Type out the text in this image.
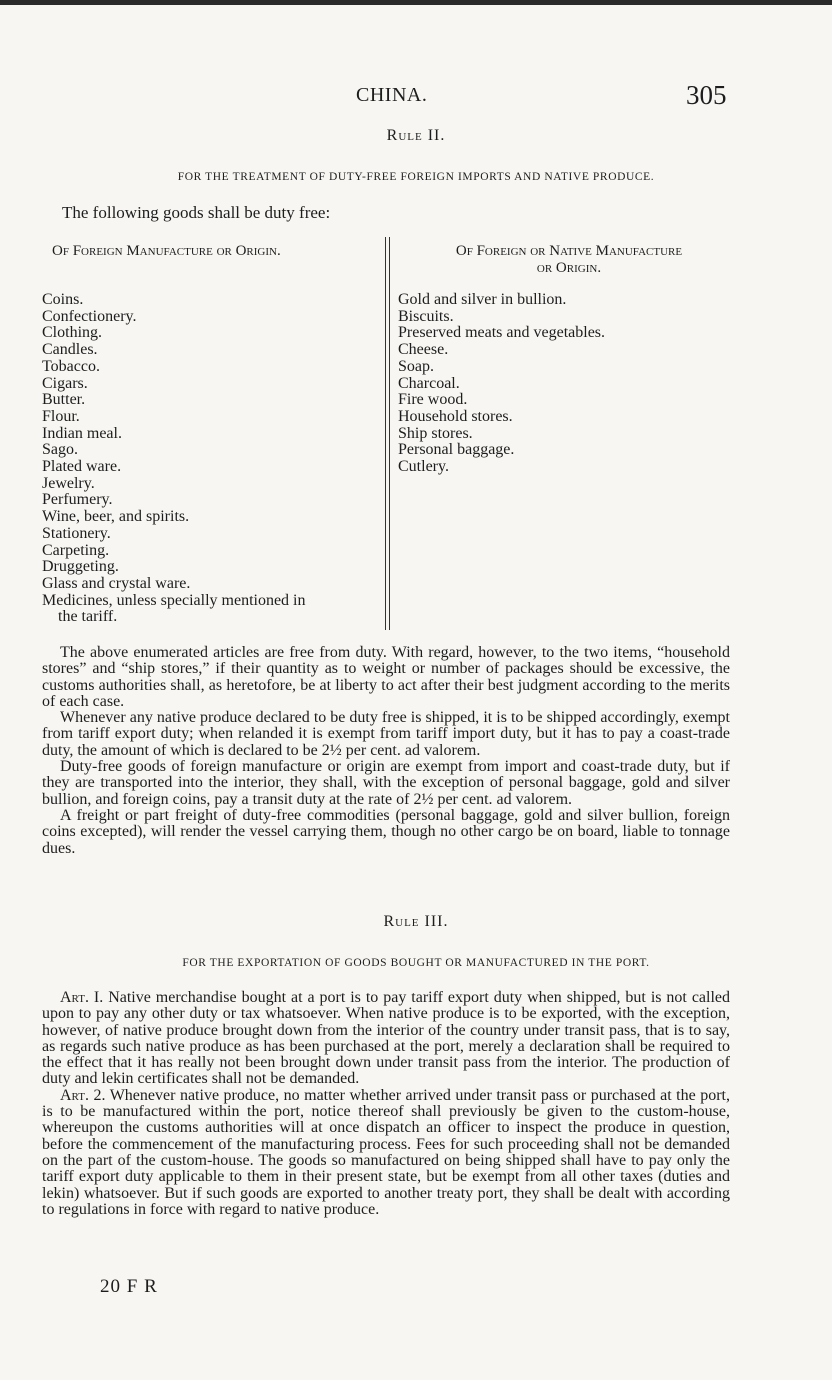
CHINA.	305
Rule II.
FOR THE TREATMENT OF DUTY-FREE FOREIGN IMPORTS AND NATIVE PRODUCE.
The following goods shall be duty free:
Of Foreign Manufacture or Origin.
Coins.
Confectionery.
Clothing.
Candles.
Tobacco.
Cigars.
Butter.
Flour.
Indian meal.
Sago.
Plated ware.
Jewelry.
Perfumery.
Wine, beer, and spirits.
Stationery.
Carpeting.
Druggeting.
Glass and crystal ware.
Medicines, unless specially mentioned in
the tariff.
Of Foreign or Native Manufacture
or Origin.
Gold and silver in bullion.
Biscuits.
Preserved meats and vegetables.
Cheese.
Soap.
Charcoal.
Fire wood.
Household stores.
Ship stores.
Personal baggage.
Cutlery.

The above enumerated articles are free from duty. With regard, however, to the two items, “household stores” and “ship stores,” if their quantity as to weight or number of packages should be excessive, the customs authorities shall, as heretofore, be at liberty to act after their best judgment according to the merits of each case.

Whenever any native produce declared to be duty free is shipped, it is to be shipped accordingly, exempt from tariff export duty; when relanded it is exempt from tariff import duty, but it has to pay a coast-trade duty, the amount of which is declared to be 2½ per cent. ad valorem.

Duty-free goods of foreign manufacture or origin are exempt from import and coast-trade duty, but if they are transported into the interior, they shall, with the exception of personal baggage, gold and silver bullion, and foreign coins, pay a transit duty at the rate of 2½ per cent. ad valorem.

A freight or part freight of duty-free commodities (personal baggage, gold and silver bullion, foreign coins excepted), will render the vessel carrying them, though no other cargo be on board, liable to tonnage dues.

Rule III.
FOR THE EXPORTATION OF GOODS BOUGHT OR MANUFACTURED IN THE PORT.

Art. I. Native merchandise bought at a port is to pay tariff export duty when shipped, but is not called upon to pay any other duty or tax whatsoever. When native produce is to be exported, with the exception, however, of native produce brought down from the interior of the country under transit pass, that is to say, as regards such native produce as has been purchased at the port, merely a declaration shall be required to the effect that it has really not been brought down under transit pass from the interior. The production of duty and lekin certificates shall not be demanded.

Art. 2. Whenever native produce, no matter whether arrived under transit pass or purchased at the port, is to be manufactured within the port, notice thereof shall previously be given to the custom-house, whereupon the customs authorities will at once dispatch an officer to inspect the produce in question, before the commencement of the manufacturing process. Fees for such proceeding shall not be demanded on the part of the custom-house. The goods so manufactured on being shipped shall have to pay only the tariff export duty applicable to them in their present state, but be exempt from all other taxes (duties and lekin) whatsoever. But if such goods are exported to another treaty port, they shall be dealt with according to regulations in force with regard to native produce.

20 F R
